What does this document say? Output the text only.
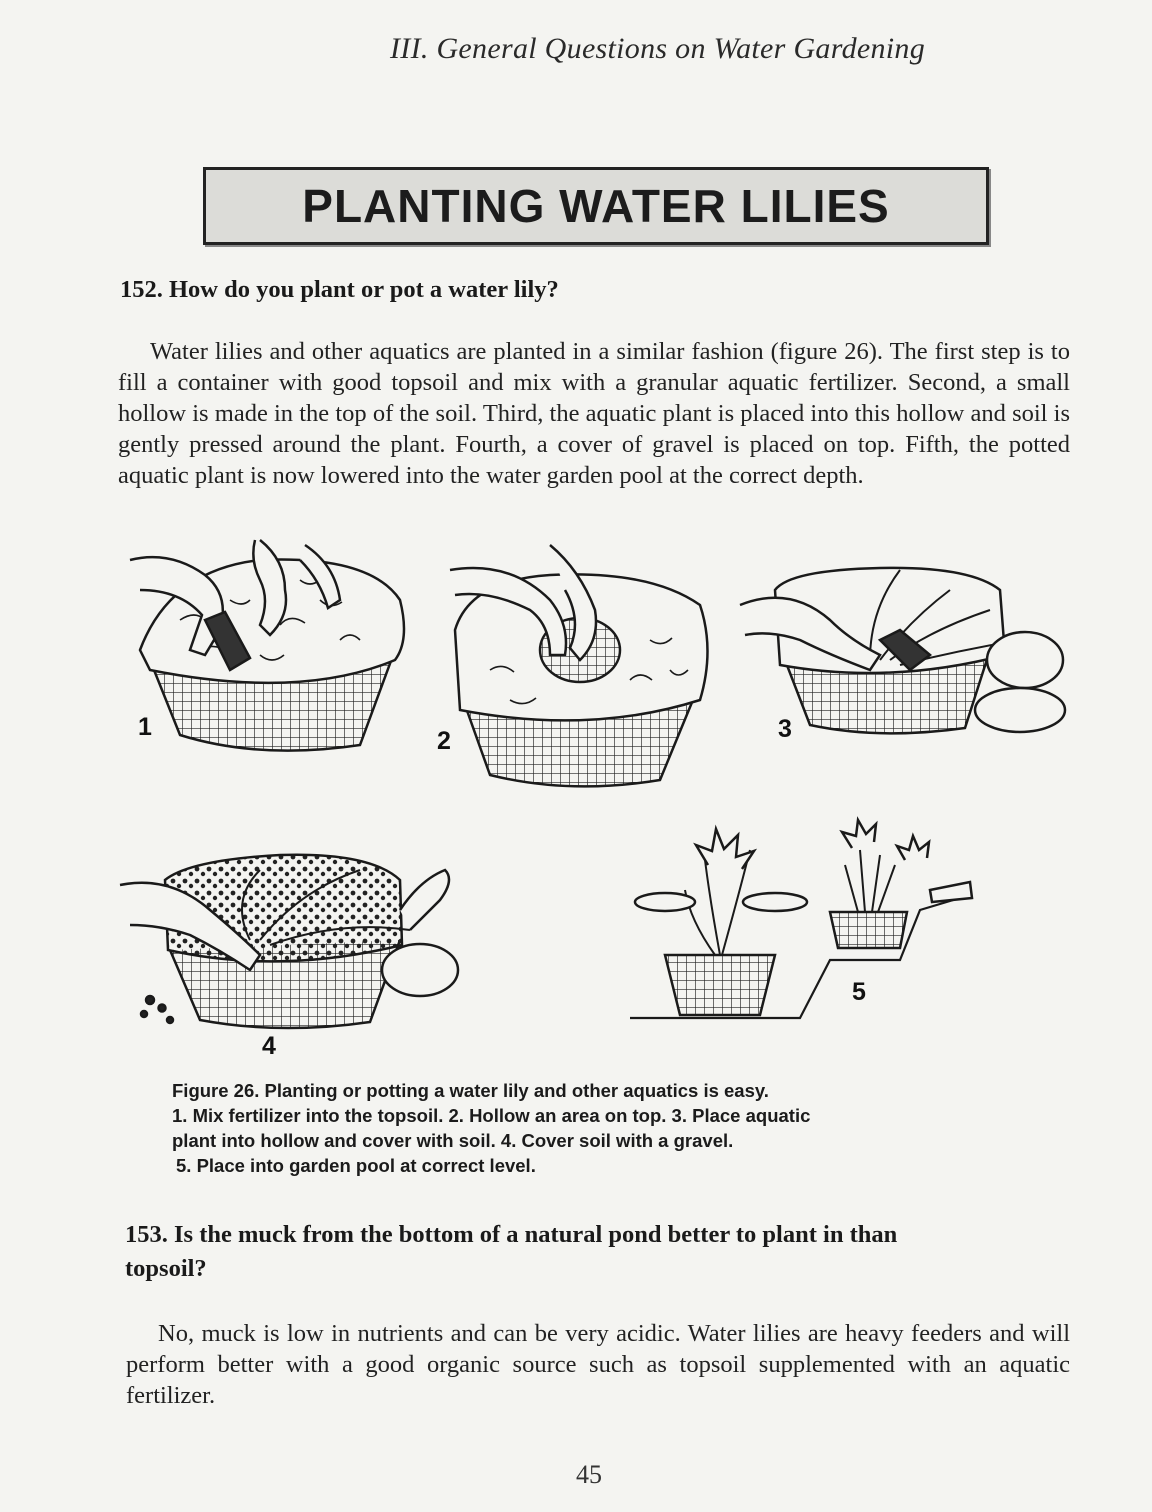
III. General Questions on Water Gardening
PLANTING WATER LILIES
152. How do you plant or pot a water lily?
Water lilies and other aquatics are planted in a similar fashion (figure 26). The first step is to fill a container with good topsoil and mix with a granular aquatic fertilizer. Second, a small hollow is made in the top of the soil. Third, the aquatic plant is placed into this hollow and soil is gently pressed around the plant. Fourth, a cover of gravel is placed on top. Fifth, the potted aquatic plant is now lowered into the water garden pool at the correct depth.
1	2	3
4
5
Figure 26. Planting or potting a water lily and other aquatics is easy.
1. Mix fertilizer into the topsoil. 2. Hollow an area on top. 3. Place aquatic
plant into hollow and cover with soil. 4. Cover soil with a gravel.
5. Place into garden pool at correct level.
153. Is the muck from the bottom of a natural pond better to plant in than
topsoil?
No, muck is low in nutrients and can be very acidic. Water lilies are heavy feeders and will perform better with a good organic source such as topsoil supplemented with an aquatic fertilizer.
45
